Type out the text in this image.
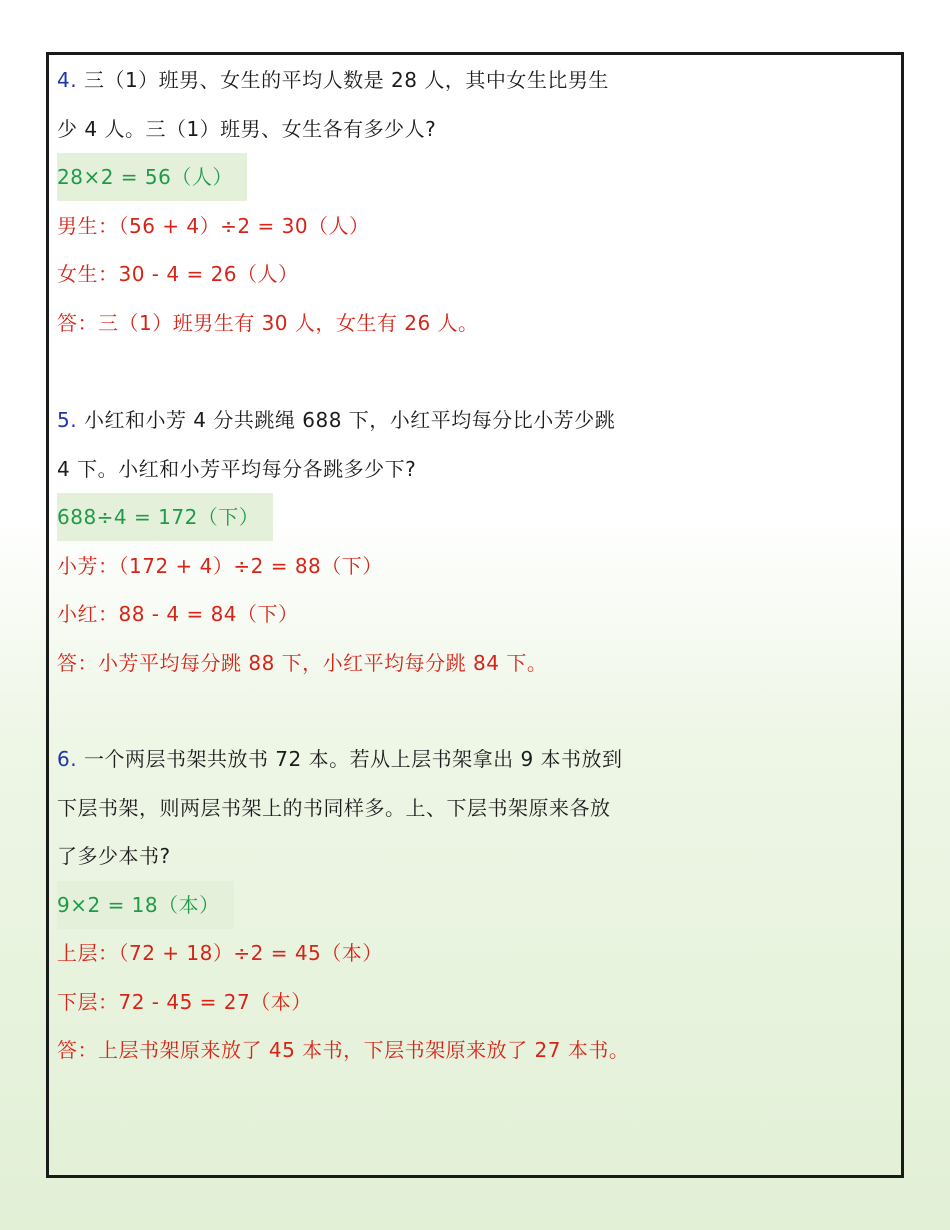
4. 三（1）班男、女生的平均人数是 28 人，其中女生比男生
少 4 人。三（1）班男、女生各有多少人?
28×2 = 56（人）
男生：（56 + 4）÷2 = 30（人）
女生：30 - 4 = 26（人）
答：三（1）班男生有 30 人，女生有 26 人。
5. 小红和小芳 4 分共跳绳 688 下，小红平均每分比小芳少跳
4 下。小红和小芳平均每分各跳多少下?
688÷4 = 172（下）
小芳：（172 + 4）÷2 = 88（下）
小红：88 - 4 = 84（下）
答：小芳平均每分跳 88 下，小红平均每分跳 84 下。
6. 一个两层书架共放书 72 本。若从上层书架拿出 9 本书放到
下层书架，则两层书架上的书同样多。上、下层书架原来各放
了多少本书?
9×2 = 18（本）
上层：（72 + 18）÷2 = 45（本）
下层：72 - 45 = 27（本）
答：上层书架原来放了 45 本书，下层书架原来放了 27 本书。
